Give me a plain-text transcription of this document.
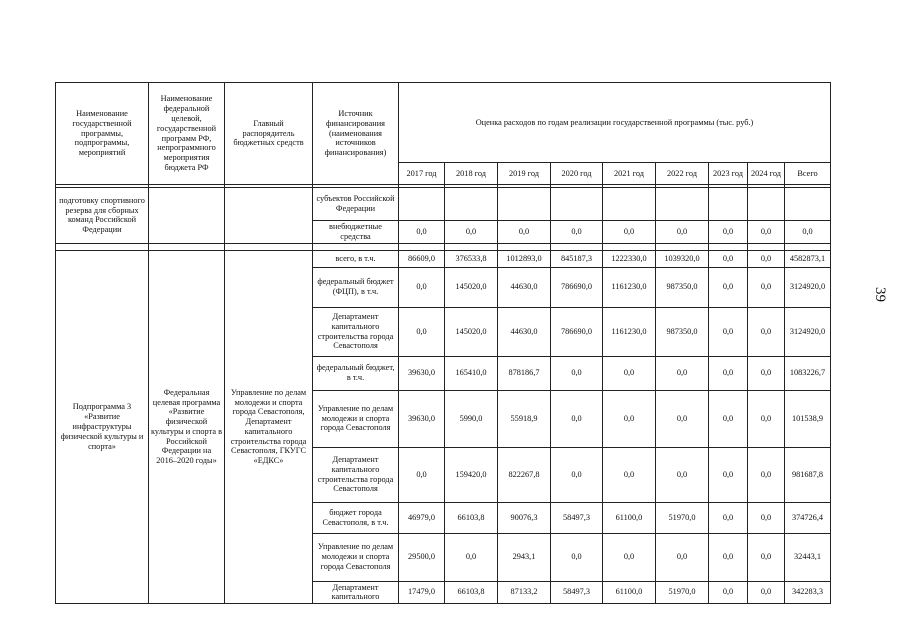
39
Наименование государственной программы, подпрограммы, мероприятий	Наименование федеральной целевой, государственной программ РФ, непрограммного мероприятия бюджета РФ	Главный распорядитель бюджетных средств	Источник финансирования (наименования источников финансирования)	Оценка расходов по годам реализации государственной программы (тыс. руб.)								
				2017 год	2018 год	2019 год	2020 год	2021 год	2022 год	2023 год	2024 год	Всего

подготовку спортивного резерва для сборных команд Российской Федерации			субъектов Российской Федерации									
			внебюджетные средства	0,0	0,0	0,0	0,0	0,0	0,0	0,0	0,0	0,0

Подпрограмма 3 «Развитие инфраструктуры физической культуры и спорта»	Федеральная целевая программа «Развитие физической культуры и спорта в Российской Федерации на 2016–2020 годы»	Управление по делам молодежи и спорта города Севастополя, Департамент капитального строительства города Севастополя, ГКУГС «ЕДКС»	всего, в т.ч.	86609,0	376533,8	1012893,0	845187,3	1222330,0	1039320,0	0,0	0,0	4582873,1
			федеральный бюджет (ФЦП), в т.ч.	0,0	145020,0	44630,0	786690,0	1161230,0	987350,0	0,0	0,0	3124920,0
			Департамент капитального строительства города Севастополя	0,0	145020,0	44630,0	786690,0	1161230,0	987350,0	0,0	0,0	3124920,0
			федеральный бюджет, в т.ч.	39630,0	165410,0	878186,7	0,0	0,0	0,0	0,0	0,0	1083226,7
			Управление по делам молодежи и спорта города Севастополя	39630,0	5990,0	55918,9	0,0	0,0	0,0	0,0	0,0	101538,9
			Департамент капитального строительства города Севастополя	0,0	159420,0	822267,8	0,0	0,0	0,0	0,0	0,0	981687,8
			бюджет города Севастополя, в т.ч.	46979,0	66103,8	90076,3	58497,3	61100,0	51970,0	0,0	0,0	374726,4
			Управление по делам молодежи и спорта города Севастополя	29500,0	0,0	2943,1	0,0	0,0	0,0	0,0	0,0	32443,1
			Департамент капитального	17479,0	66103,8	87133,2	58497,3	61100,0	51970,0	0,0	0,0	342283,3
